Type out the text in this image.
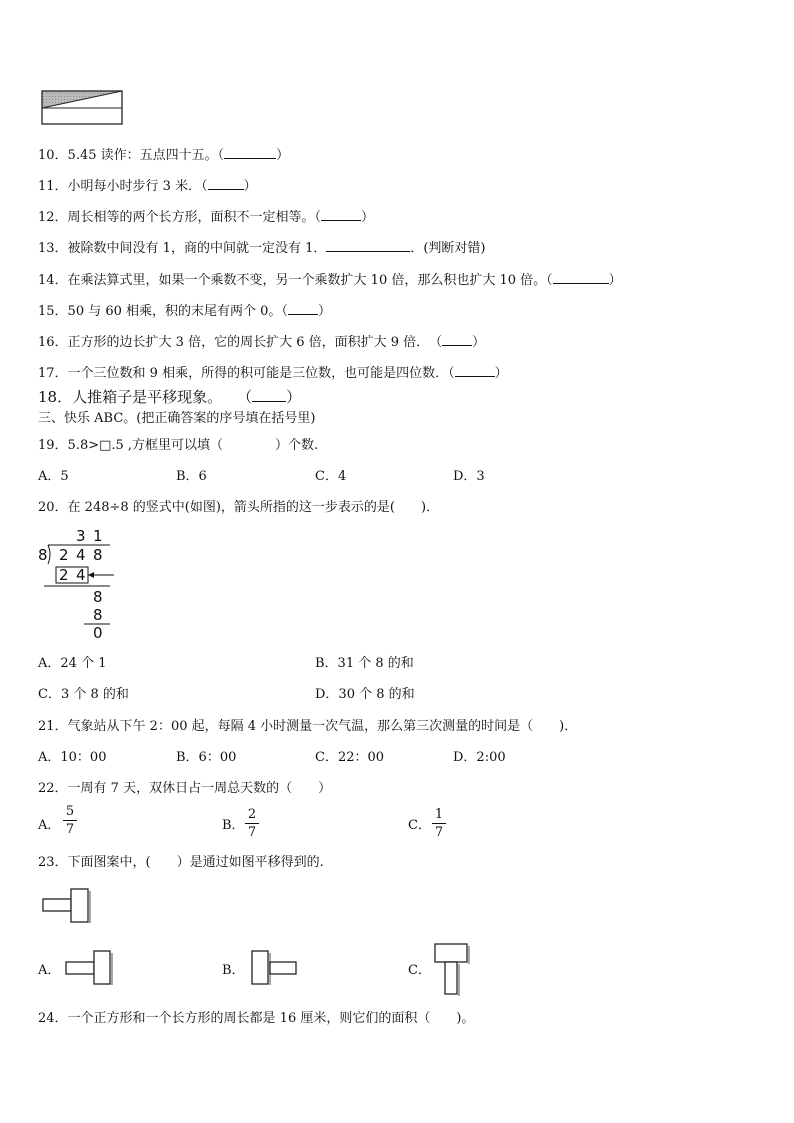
10．5.45 读作：五点四十五。（	）
11．小明每小时步行 3 米．（	）
12．周长相等的两个长方形，面积不一定相等。（	）
13．被除数中间没有 1，商的中间就一定没有 1．	．(判断对错)
14．在乘法算式里，如果一个乘数不变，另一个乘数扩大 10 倍，那么积也扩大 10 倍。（	）
15．50 与 60 相乘，积的末尾有两个 0。（ ）
16．正方形的边长扩大 3 倍，它的周长扩大 6 倍，面积扩大 9 倍．　（ ）
17．一个三位数和 9 相乘，所得的积可能是三位数，也可能是四位数．（	）
18．人推箱子是平移现象。　　（ ）
三、快乐 ABC。(把正确答案的序号填在括号里)
19．5.8>□.5 ,方框里可以填（　　　　）个数.
A．5	B．6	C．4	D．3
20．在 248÷8 的竖式中(如图)，箭头所指的这一步表示的是(　　)．
3 1
8 2 4 8
2 4
8
8
0
A．24 个 1	B．31 个 8 的和
C．3 个 8 的和	D．30 个 8 的和
21．气象站从下午 2：00 起，每隔 4 小时测量一次气温，那么第三次测量的时间是（　　)．
A．10：00	B．6：00	C．22：00	D．2:00
22．一周有 7 天，双休日占一周总天数的（　　）
A．
5
7	B．
2
7	C．
1
7
23．下面图案中，(　　）是通过如图平移得到的.
A．	B．	C．
24．一个正方形和一个长方形的周长都是 16 厘米，则它们的面积（　　)。
